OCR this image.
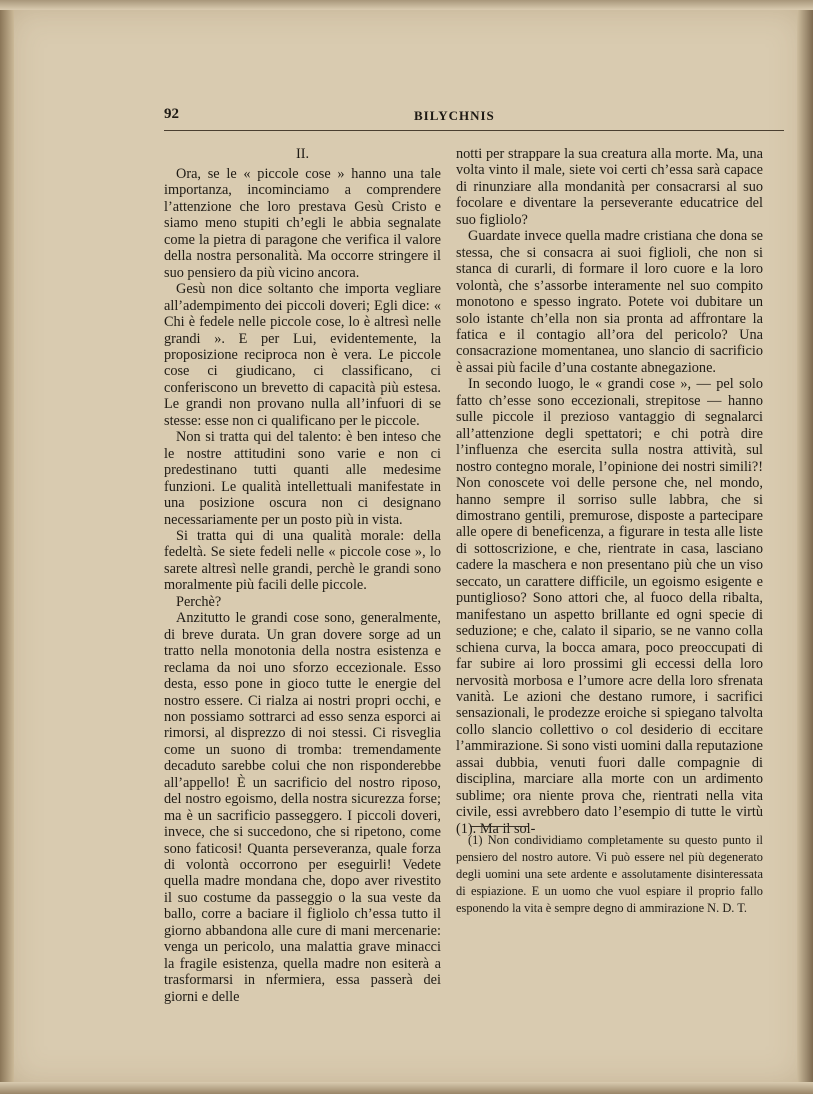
92	BILYCHNIS
II.

Ora, se le « piccole cose » hanno una tale importanza, incominciamo a comprendere l’attenzione che loro prestava Gesù Cristo e siamo meno stupiti ch’egli le abbia segnalate come la pietra di paragone che verifica il valore della nostra personalità. Ma occorre stringere il suo pensiero da più vicino ancora.

Gesù non dice soltanto che importa vegliare all’adempimento dei piccoli doveri; Egli dice: « Chi è fedele nelle piccole cose, lo è altresì nelle grandi ». E per Lui, evidentemente, la proposizione reciproca non è vera. Le piccole cose ci giudicano, ci classificano, ci conferiscono un brevetto di capacità più estesa. Le grandi non provano nulla all’infuori di se stesse: esse non ci qualificano per le piccole.

Non si tratta qui del talento: è ben inteso che le nostre attitudini sono varie e non ci predestinano tutti quanti alle medesime funzioni. Le qualità intellettuali manifestate in una posizione oscura non ci designano necessariamente per un posto più in vista.

Si tratta qui di una qualità morale: della fedeltà. Se siete fedeli nelle « piccole cose », lo sarete altresì nelle grandi, perchè le grandi sono moralmente più facili delle piccole.

Perchè?

Anzitutto le grandi cose sono, generalmente, di breve durata. Un gran dovere sorge ad un tratto nella monotonia della nostra esistenza e reclama da noi uno sforzo eccezionale. Esso desta, esso pone in gioco tutte le energie del nostro essere. Ci rialza ai nostri propri occhi, e non possiamo sottrarci ad esso senza esporci ai rimorsi, al disprezzo di noi stessi. Ci risveglia come un suono di tromba: tremendamente decaduto sarebbe colui che non risponderebbe all’appello! È un sacrificio del nostro riposo, del nostro egoismo, della nostra sicurezza forse; ma è un sacrificio passeggero. I piccoli doveri, invece, che si succedono, che si ripetono, come sono faticosi! Quanta perseveranza, quale forza di volontà occorrono per eseguirli! Vedete quella madre mondana che, dopo aver rivestito il suo costume da passeggio o la sua veste da ballo, corre a baciare il figliolo ch’essa tutto il giorno abbandona alle cure di mani mercenarie: venga un pericolo, una malattia grave minacci la fragile esistenza, quella madre non esiterà a trasformarsi in nfermiera, essa passerà dei giorni e delle

notti per strappare la sua creatura alla morte. Ma, una volta vinto il male, siete voi certi ch’essa sarà capace di rinunziare alla mondanità per consacrarsi al suo focolare e diventare la perseverante educatrice del suo figliolo?

Guardate invece quella madre cristiana che dona se stessa, che si consacra ai suoi figlioli, che non si stanca di curarli, di formare il loro cuore e la loro volontà, che s’assorbe interamente nel suo compito monotono e spesso ingrato. Potete voi dubitare un solo istante ch’ella non sia pronta ad affrontare la fatica e il contagio all’ora del pericolo? Una consacrazione momentanea, uno slancio di sacrificio è assai più facile d’una costante abnegazione.

In secondo luogo, le « grandi cose », — pel solo fatto ch’esse sono eccezionali, strepitose — hanno sulle piccole il prezioso vantaggio di segnalarci all’attenzione degli spettatori; e chi potrà dire l’influenza che esercita sulla nostra attività, sul nostro contegno morale, l’opinione dei nostri simili?! Non conoscete voi delle persone che, nel mondo, hanno sempre il sorriso sulle labbra, che si dimostrano gentili, premurose, disposte a partecipare alle opere di beneficenza, a figurare in testa alle liste di sottoscrizione, e che, rientrate in casa, lasciano cadere la maschera e non presentano più che un viso seccato, un carattere difficile, un egoismo esigente e puntiglioso? Sono attori che, al fuoco della ribalta, manifestano un aspetto brillante ed ogni specie di seduzione; e che, calato il sipario, se ne vanno colla schiena curva, la bocca amara, poco preoccupati di far subire ai loro prossimi gli eccessi della loro nervosità morbosa e l’umore acre della loro sfrenata vanità. Le azioni che destano rumore, i sacrifici sensazionali, le prodezze eroiche si spiegano talvolta collo slancio collettivo o col desiderio di eccitare l’ammirazione. Si sono visti uomini dalla reputazione assai dubbia, venuti fuori dalle compagnie di disciplina, marciare alla morte con un ardimento sublime; ora niente prova che, rientrati nella vita civile, essi avrebbero dato l’esempio di tutte le virtù (1). Ma il sol-

(1) Non condividiamo completamente su questo punto il pensiero del nostro autore. Vi può essere nel più degenerato degli uomini una sete ardente e assolutamente disinteressata di espiazione. E un uomo che vuol espiare il proprio fallo esponendo la vita è sempre degno di ammirazione N. D. T.
